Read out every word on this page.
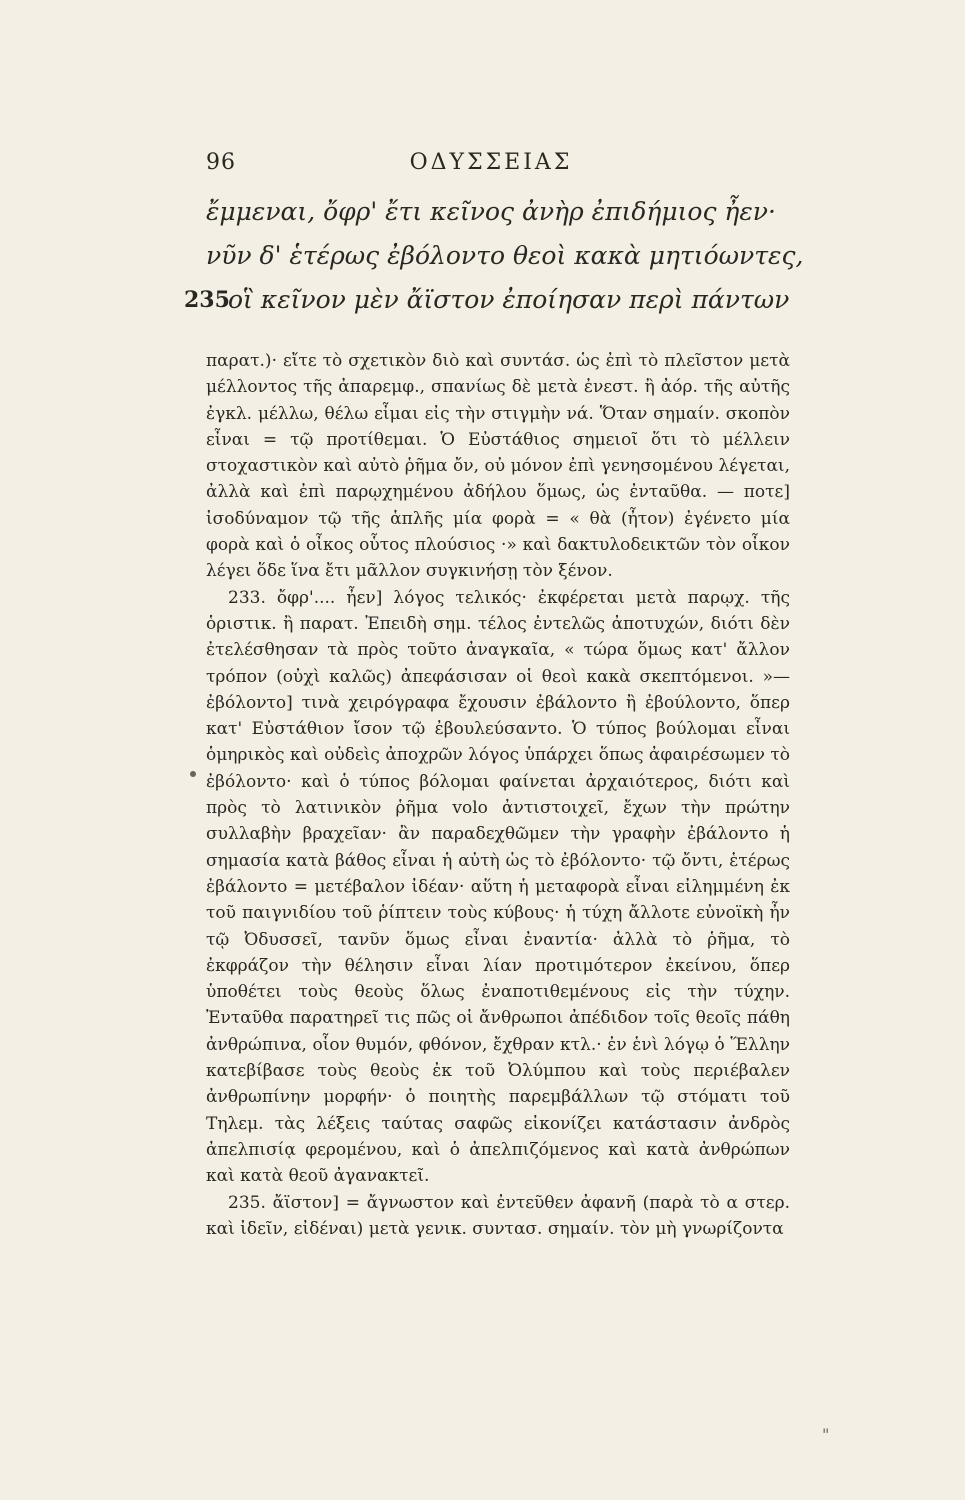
96	ΟΔΥΣΣΕΙΑΣ
ἔμμεναι, ὄφρ' ἔτι κεῖνος ἀνὴρ ἐπιδήμιος ἦεν·
νῦν δ' ἑτέρως ἐβόλοντο θεοὶ κακὰ μητιόωντες,
235
οἳ κεῖνον μὲν ἄϊστον ἐποίησαν περὶ πάντων

παρατ.)· εἴτε τὸ σχετικὸν διὸ καὶ συντάσ. ὡς ἐπὶ τὸ πλεῖστον μετὰ μέλλοντος τῆς ἀπαρεμφ., σπανίως δὲ μετὰ ἐνεστ. ἢ ἀόρ. τῆς αὐτῆς ἐγκλ. μέλλω, θέλω εἶμαι εἰς τὴν στιγμὴν νά. Ὅταν σημαίν. σκοπὸν εἶναι = τῷ προτίθεμαι. Ὁ Εὐστάθιος σημειοῖ ὅτι τὸ μέλλειν στοχαστικὸν καὶ αὐτὸ ῥῆμα ὄν, οὐ μόνον ἐπὶ γενησομένου λέγεται, ἀλλὰ καὶ ἐπὶ παρῳχημένου ἀδήλου ὅμως, ὡς ἐνταῦθα. — ποτε] ἰσοδύναμον τῷ τῆς ἁπλῆς μία φορὰ = « θὰ (ἦτον) ἐγένετο μία φορὰ καὶ ὁ οἶκος οὗτος πλούσιος ·» καὶ δακτυλοδεικτῶν τὸν οἶκον λέγει ὅδε ἵνα ἔτι μᾶλλον συγκινήσῃ τὸν ξένον.

233. ὄφρ'.... ἦεν] λόγος τελικός· ἐκφέρεται μετὰ παρῳχ. τῆς ὁριστικ. ἢ παρατ. Ἐπειδὴ σημ. τέλος ἐντελῶς ἀποτυχών, διότι δὲν ἐτελέσθησαν τὰ πρὸς τοῦτο ἀναγκαῖα, « τώρα ὅμως κατ' ἄλλον τρόπον (οὐχὶ καλῶς) ἀπεφάσισαν οἱ θεοὶ κακὰ σκεπτόμενοι. »— ἐβόλοντο] τινὰ χειρόγραφα ἔχουσιν ἐβάλοντο ἢ ἐβούλοντο, ὅπερ κατ' Εὐστάθιον ἴσον τῷ ἐβουλεύσαντο. Ὁ τύπος βούλομαι εἶναι ὁμηρικὸς καὶ οὐδεὶς ἀποχρῶν λόγος ὑπάρχει ὅπως ἀφαιρέσωμεν τὸ ἐβόλοντο· καὶ ὁ τύπος βόλομαι φαίνεται ἀρχαιότερος, διότι καὶ πρὸς τὸ λατινικὸν ῥῆμα volo ἀντιστοιχεῖ, ἔχων τὴν πρώτην συλλαβὴν βραχεῖαν· ἂν παραδεχθῶμεν τὴν γραφὴν ἐβάλοντο ἡ σημασία κατὰ βάθος εἶναι ἡ αὐτὴ ὡς τὸ ἐβόλοντο· τῷ ὄντι, ἑτέρως ἐβάλοντο = μετέβαλον ἰδέαν· αὕτη ἡ μεταφορὰ εἶναι εἰλημμένη ἐκ τοῦ παιγνιδίου τοῦ ῥίπτειν τοὺς κύβους· ἡ τύχη ἄλλοτε εὐνοϊκὴ ἦν τῷ Ὀδυσσεῖ, τανῦν ὅμως εἶναι ἐναντία· ἀλλὰ τὸ ῥῆμα, τὸ ἐκφράζον τὴν θέλησιν εἶναι λίαν προτιμότερον ἐκείνου, ὅπερ ὑποθέτει τοὺς θεοὺς ὅλως ἐναποτιθεμένους εἰς τὴν τύχην. Ἐνταῦθα παρατηρεῖ τις πῶς οἱ ἄνθρωποι ἀπέδιδον τοῖς θεοῖς πάθη ἀνθρώπινα, οἷον θυμόν, φθόνον, ἔχθραν κτλ.· ἐν ἑνὶ λόγῳ ὁ Ἕλλην κατεβίβασε τοὺς θεοὺς ἐκ τοῦ Ὀλύμπου καὶ τοὺς περιέβαλεν ἀνθρωπίνην μορφήν· ὁ ποιητὴς παρεμβάλλων τῷ στόματι τοῦ Τηλεμ. τὰς λέξεις ταύτας σαφῶς εἰκονίζει κατάστασιν ἀνδρὸς ἀπελπισίᾳ φερομένου, καὶ ὁ ἀπελπιζόμενος καὶ κατὰ ἀνθρώπων καὶ κατὰ θεοῦ ἀγανακτεῖ.

235. ἄϊστον] = ἄγνωστον καὶ ἐντεῦθεν ἀφανῆ (παρὰ τὸ α στερ. καὶ ἰδεῖν, εἰδέναι) μετὰ γενικ. συντασ. σημαίν. τὸν μὴ γνωρίζοντα

"
